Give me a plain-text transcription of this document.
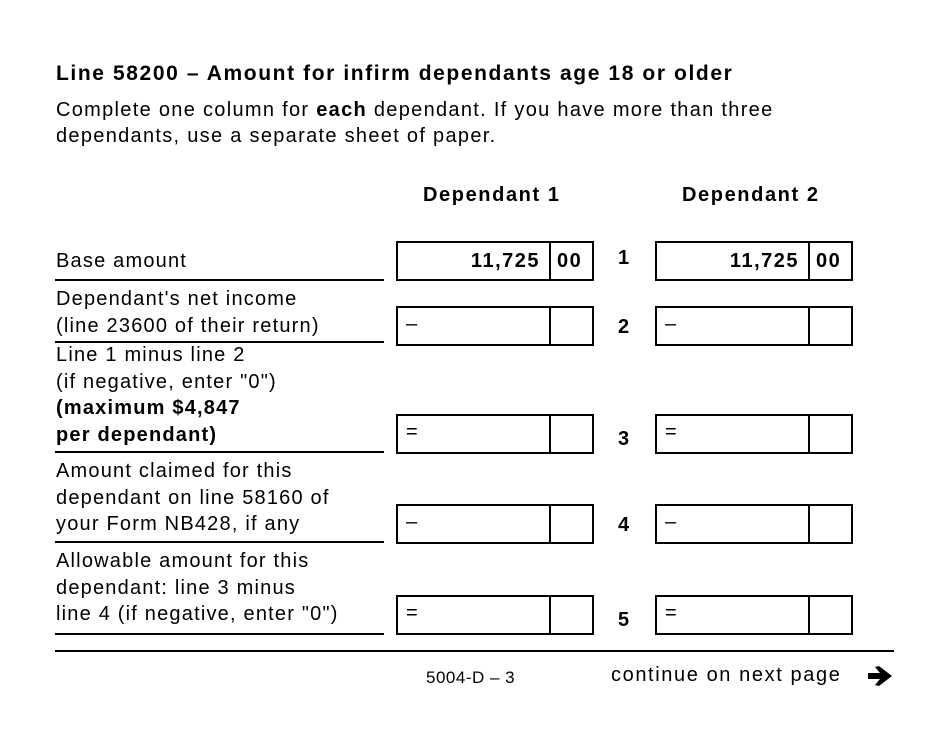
Line 58200 – Amount for infirm dependants age 18 or older
Complete one column for each dependant. If you have more than three
dependants, use a separate sheet of paper.
Dependant 1	Dependant 2
Base amount	11,725 00 1	11,725 00
Dependant's net income
(line 23600 of their return)	–	2 –
Line 1 minus line 2
(if negative, enter "0")
(maximum $4,847
per dependant)	=	3 =
Amount claimed for this
dependant on line 58160 of
your Form NB428, if any	–	4 –
Allowable amount for this
dependant: line 3 minus
line 4 (if negative, enter "0")	=	5 =
5004-D – 3	continue on next page
